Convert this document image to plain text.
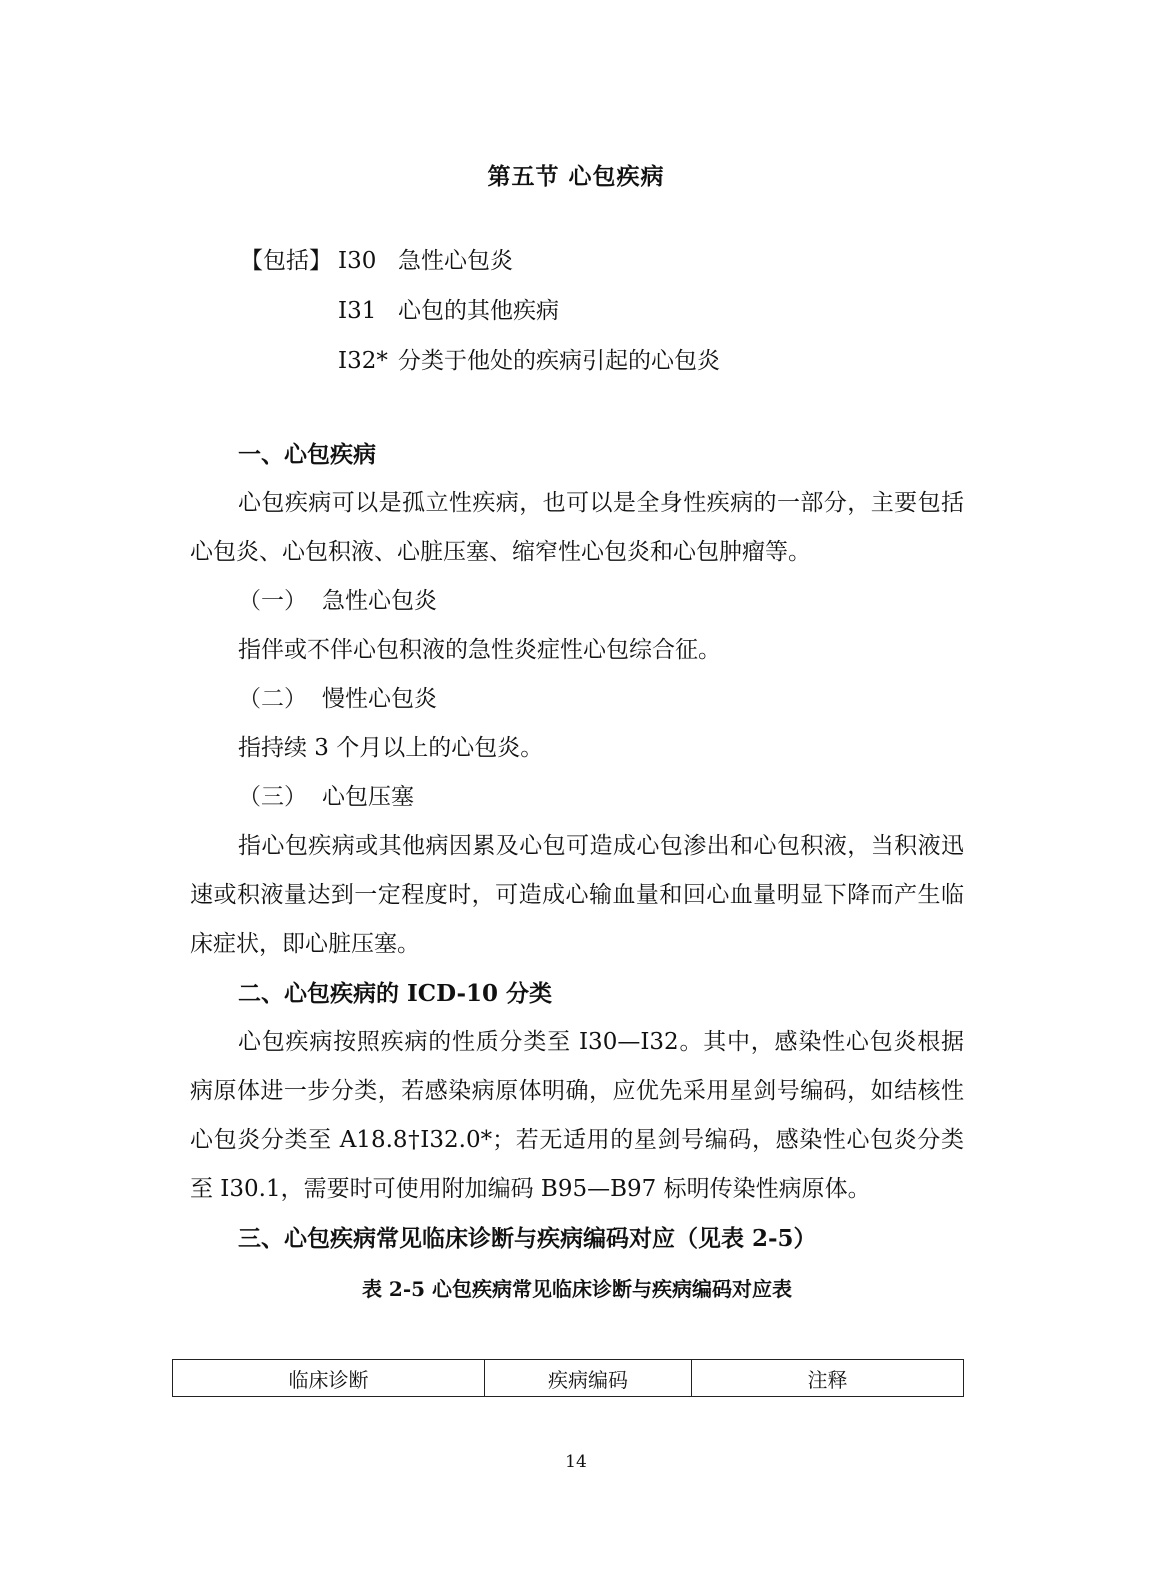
第五节 心包疾病
【包括】 I30 急性心包炎
I31 心包的其他疾病
I32* 分类于他处的疾病引起的心包炎
一、心包疾病

心包疾病可以是孤立性疾病，也可以是全身性疾病的一部分，主要包括心包炎、心包积液、心脏压塞、缩窄性心包炎和心包肿瘤等。

（一） 急性心包炎

指伴或不伴心包积液的急性炎症性心包综合征。

（二） 慢性心包炎

指持续 3 个月以上的心包炎。

（三） 心包压塞

指心包疾病或其他病因累及心包可造成心包渗出和心包积液，当积液迅速或积液量达到一定程度时，可造成心输血量和回心血量明显下降而产生临床症状，即心脏压塞。

二、心包疾病的 ICD-10 分类

心包疾病按照疾病的性质分类至 I30—I32。其中，感染性心包炎根据病原体进一步分类，若感染病原体明确，应优先采用星剑号编码，如结核性心包炎分类至 A18.8†I32.0*；若无适用的星剑号编码，感染性心包炎分类至 I30.1，需要时可使用附加编码 B95—B97 标明传染性病原体。

三、心包疾病常见临床诊断与疾病编码对应（见表 2-5）
表 2-5 心包疾病常见临床诊断与疾病编码对应表
临床诊断	疾病编码	注释
14
